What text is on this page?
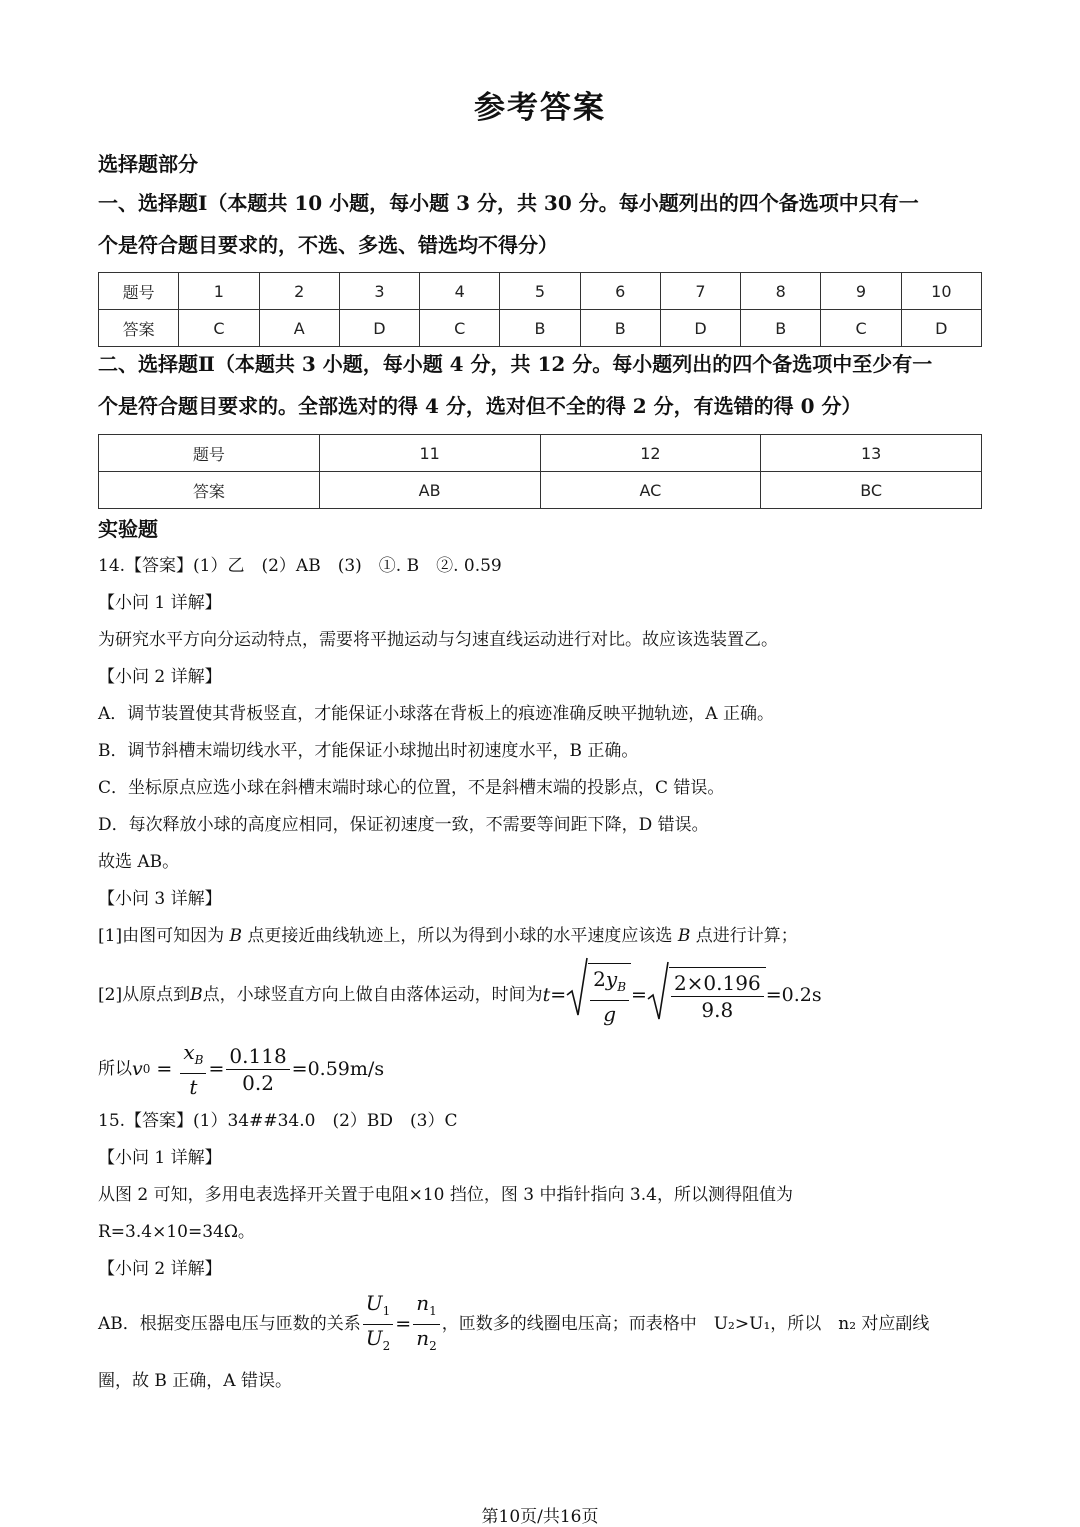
参考答案
选择题部分
一、选择题Ⅰ（本题共 10 小题，每小题 3 分，共 30 分。每小题列出的四个备选项中只有一
个是符合题目要求的，不选、多选、错选均不得分）
题号	1	2	3	4	5	6	7	8	9	10
答案	C	A	D	C	B	B	D	B	C	D
二、选择题Ⅱ（本题共 3 小题，每小题 4 分，共 12 分。每小题列出的四个备选项中至少有一
个是符合题目要求的。全部选对的得 4 分，选对但不全的得 2 分，有选错的得 0 分）
题号	11	12	13
答案	AB	AC	BC
实验题
14.【答案】(1）乙　(2）AB　(3)　①. B　②. 0.59
【小问 1 详解】
为研究水平方向分运动特点，需要将平抛运动与匀速直线运动进行对比。故应该选装置乙。
【小问 2 详解】
A．调节装置使其背板竖直，才能保证小球落在背板上的痕迹准确反映平抛轨迹，A 正确。
B．调节斜槽末端切线水平，才能保证小球抛出时初速度水平，B 正确。
C．坐标原点应选小球在斜槽末端时球心的位置，不是斜槽末端的投影点，C 错误。
D．每次释放小球的高度应相同，保证初速度一致，不需要等间距下降，D 错误。
故选 AB。
【小问 3 详解】
[1]由图可知因为 B 点更接近曲线轨迹上，所以为得到小球的水平速度应该选 B 点进行计算；
[2]从原点到 B 点，小球竖直方向上做自由落体运动，时间为 $t = \frac{2y_B}{g} = \frac{2\times 0.196}{9.8} =0.2s$
所以 v $0 = \frac{x_B}{t} = \frac{0.118}{0.2} =0.59m/s$
15.【答案】(1）34##34.0　(2）BD　(3）C
【小问 1 详解】
从图 2 可知，多用电表选择开关置于电阻×10 挡位，图 3 中指针指向 3.4，所以测得阻值为
R=3.4×10=34Ω。
【小问 2 详解】
AB．根据变压器电压与匝数的关系 $\frac{U_1}{U_2} = \frac{n_1}{n_2}$ ，匝数多的线圈电压高；而表格中　U₂>U₁，所以　n₂ 对应副线
圈，故 B 正确，A 错误。
第10页/共16页
